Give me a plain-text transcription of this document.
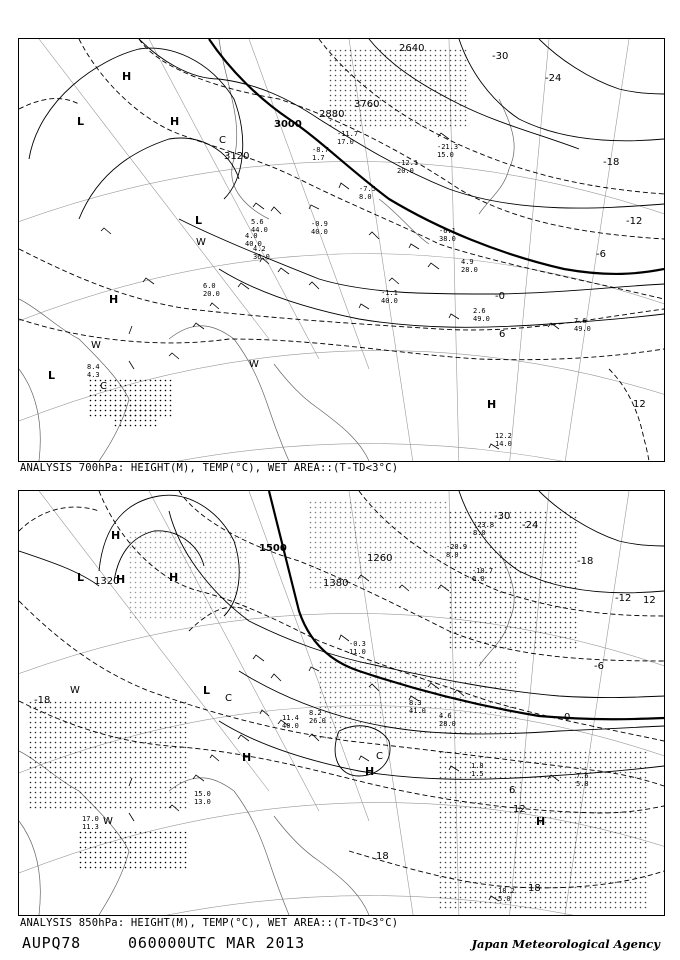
L
H
L
H
H
L
H
C
W
W
W
C
3000
2880
3760
2640
3120
-30
-24
-18
-12
-6
-0
6
12
5.6
44.0
4.0
40.0
4.2
36.0
-0.9
40.0
-7.5
8.0
-11.7
17.0
-8.7
1.7
-21.3
15.0
-12.1
20.0
2.6
49.0	7.6
49.0
12.2
14.0
8.4
4.3
-6.1
38.0
4.9
28.0
-1.1
40.0
6.0
20.0
ANALYSIS 700hPa: HEIGHT(M), TEMP(°C), WET AREA::(T-TD<3°C)
L
H
H
L
W
H
H
H
C
W
H
C
1500
1260
1380
1320
-30
-24
-18
-12
-6
0
6
12
18
-18
12
18
8.2
26.0
11.4
40.0
8.3
41.0
4.6
28.0
-10.7
6.0
-0.3
11.0
1.8
1.5	7.6
5.8
18.2
5.0
15.0
13.0
17.0
11.3
-23.8
8.0
-20.9
8.0
ANALYSIS 850hPa: HEIGHT(M), TEMP(°C), WET AREA::(T-TD<3°C)
AUPQ78	060000UTC MAR 2013	Japan Meteorological Agency
